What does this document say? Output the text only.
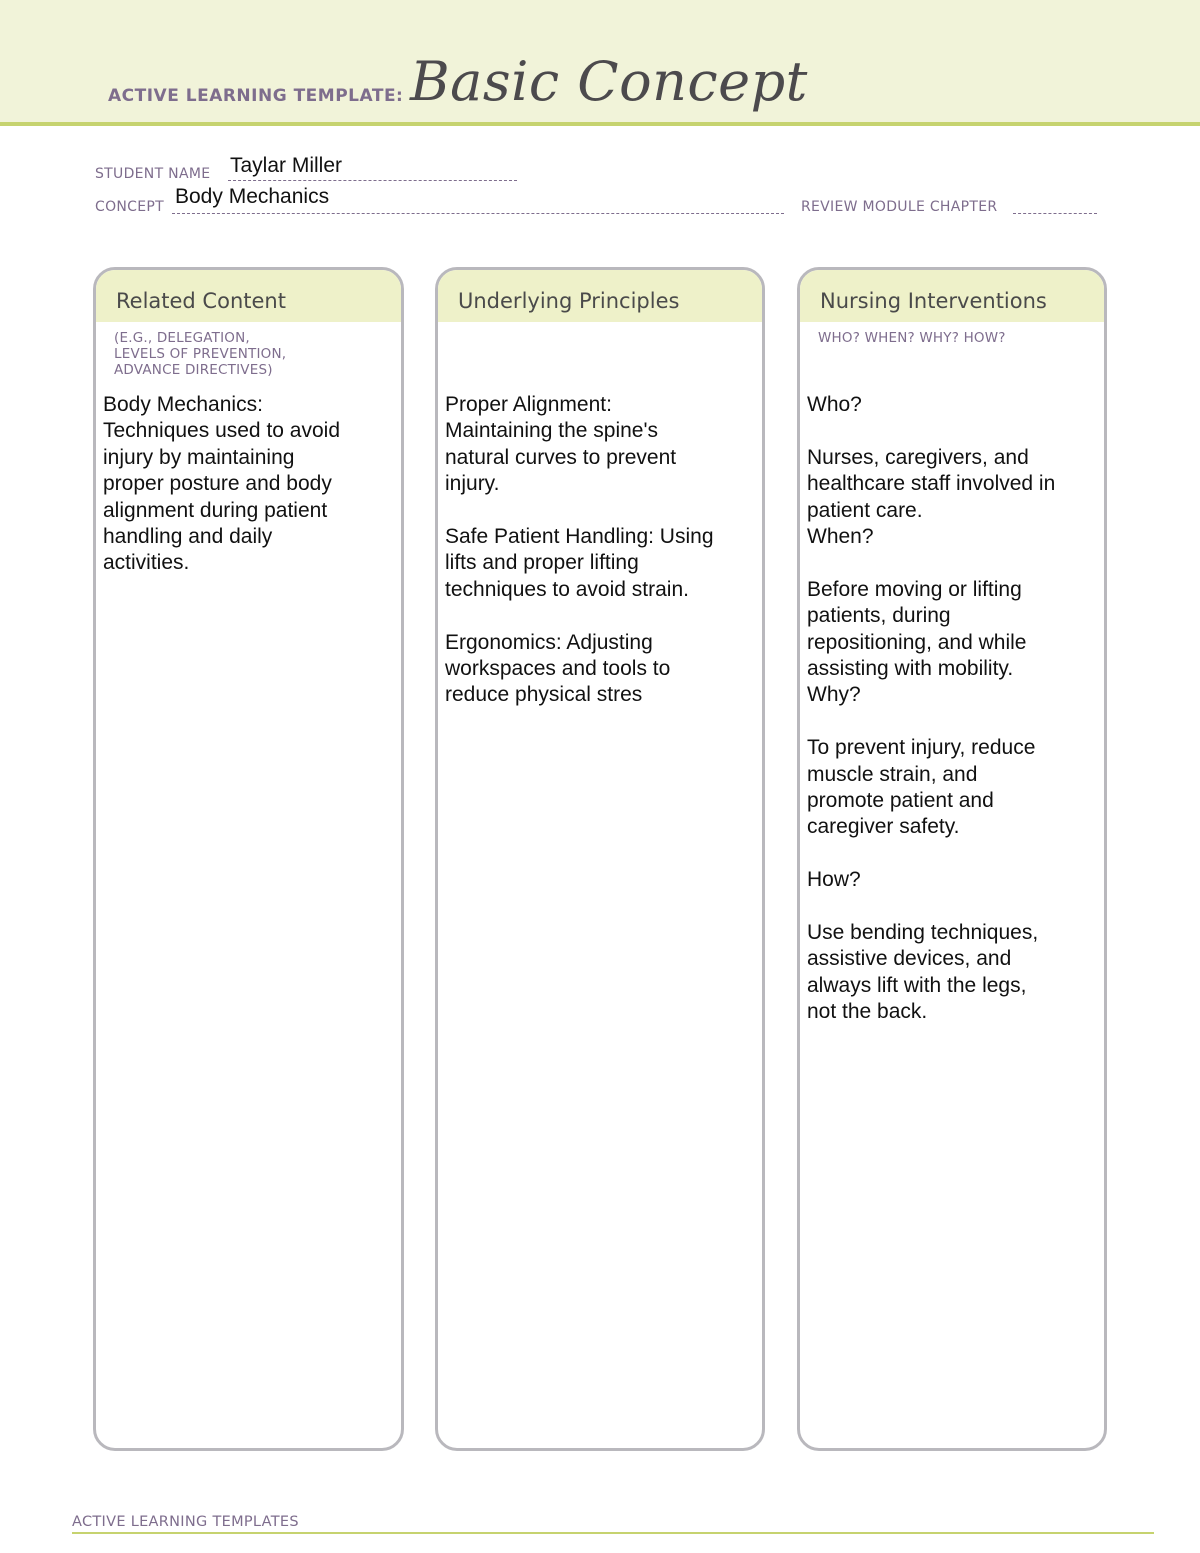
ACTIVE LEARNING TEMPLATE: Basic Concept
STUDENT NAME Taylar Miller
CONCEPT Body Mechanics	REVIEW MODULE CHAPTER
Related Content
(E.G., DELEGATION,
LEVELS OF PREVENTION,
ADVANCE DIRECTIVES)
Body Mechanics:
Techniques used to avoid
injury by maintaining
proper posture and body
alignment during patient
handling and daily
activities.
Underlying Principles
Proper Alignment:
Maintaining the spine's
natural curves to prevent
injury.
Safe Patient Handling: Using
lifts and proper lifting
techniques to avoid strain.
Ergonomics: Adjusting
workspaces and tools to
reduce physical stres
Nursing Interventions
WHO? WHEN? WHY? HOW?
Who?
Nurses, caregivers, and
healthcare staff involved in
patient care.
When?
Before moving or lifting
patients, during
repositioning, and while
assisting with mobility.
Why?
To prevent injury, reduce
muscle strain, and
promote patient and
caregiver safety.
How?
Use bending techniques,
assistive devices, and
always lift with the legs,
not the back.
ACTIVE LEARNING TEMPLATES
